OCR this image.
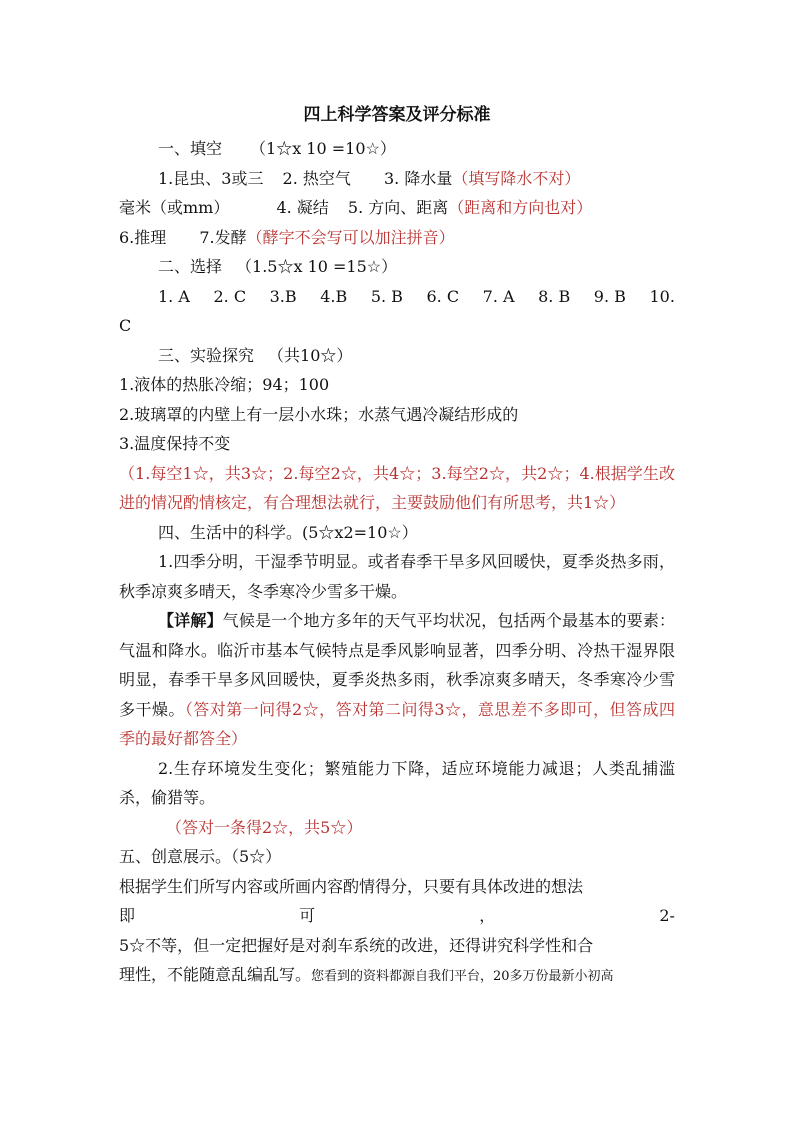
四上科学答案及评分标准
一、填空 （1☆x 10 =10☆）
1.昆虫、3或三 2. 热空气 3. 降水量（填写降水不对）
毫米（或mm）	4. 凝结 5. 方向、距离（距离和方向也对）
6.推理 7.发酵（酵字不会写可以加注拼音）
二、选择 （1.5☆x 10 =15☆）
1. A 2. C 3.B 4.B 5. B 6. C 7. A 8. B 9. B 10.
C
三、实验探究 （共10☆）
1.液体的热胀冷缩；94；100
2.玻璃罩的内壁上有一层小水珠；水蒸气遇冷凝结形成的
3.温度保持不变
（1.每空1☆，共3☆；2.每空2☆，共4☆；3.每空2☆，共2☆；4.根据学生改进的情况酌情核定，有合理想法就行，主要鼓励他们有所思考，共1☆）
四、生活中的科学。(5☆x2=10☆）
1.四季分明，干湿季节明显。或者春季干旱多风回暖快，夏季炎热多雨，秋季凉爽多晴天，冬季寒冷少雪多干燥。
【详解】气候是一个地方多年的天气平均状况，包括两个最基本的要素：气温和降水。临沂市基本气候特点是季风影响显著，四季分明、冷热干湿界限明显，春季干旱多风回暖快，夏季炎热多雨，秋季凉爽多晴天，冬季寒冷少雪多干燥。（答对第一问得2☆，答对第二问得3☆，意思差不多即可，但答成四季的最好都答全）
2.生存环境发生变化；繁殖能力下降，适应环境能力减退；人类乱捕滥杀，偷猎等。
（答对一条得2☆，共5☆）
五、创意展示。（5☆）
根据学生们所写内容或所画内容酌情得分，只要有具体改进的想法
即	可	，	2-
5☆不等，但一定把握好是对刹车系统的改进，还得讲究科学性和合
理性，不能随意乱编乱写。您看到的资料都源自我们平台，20多万份最新小初高
